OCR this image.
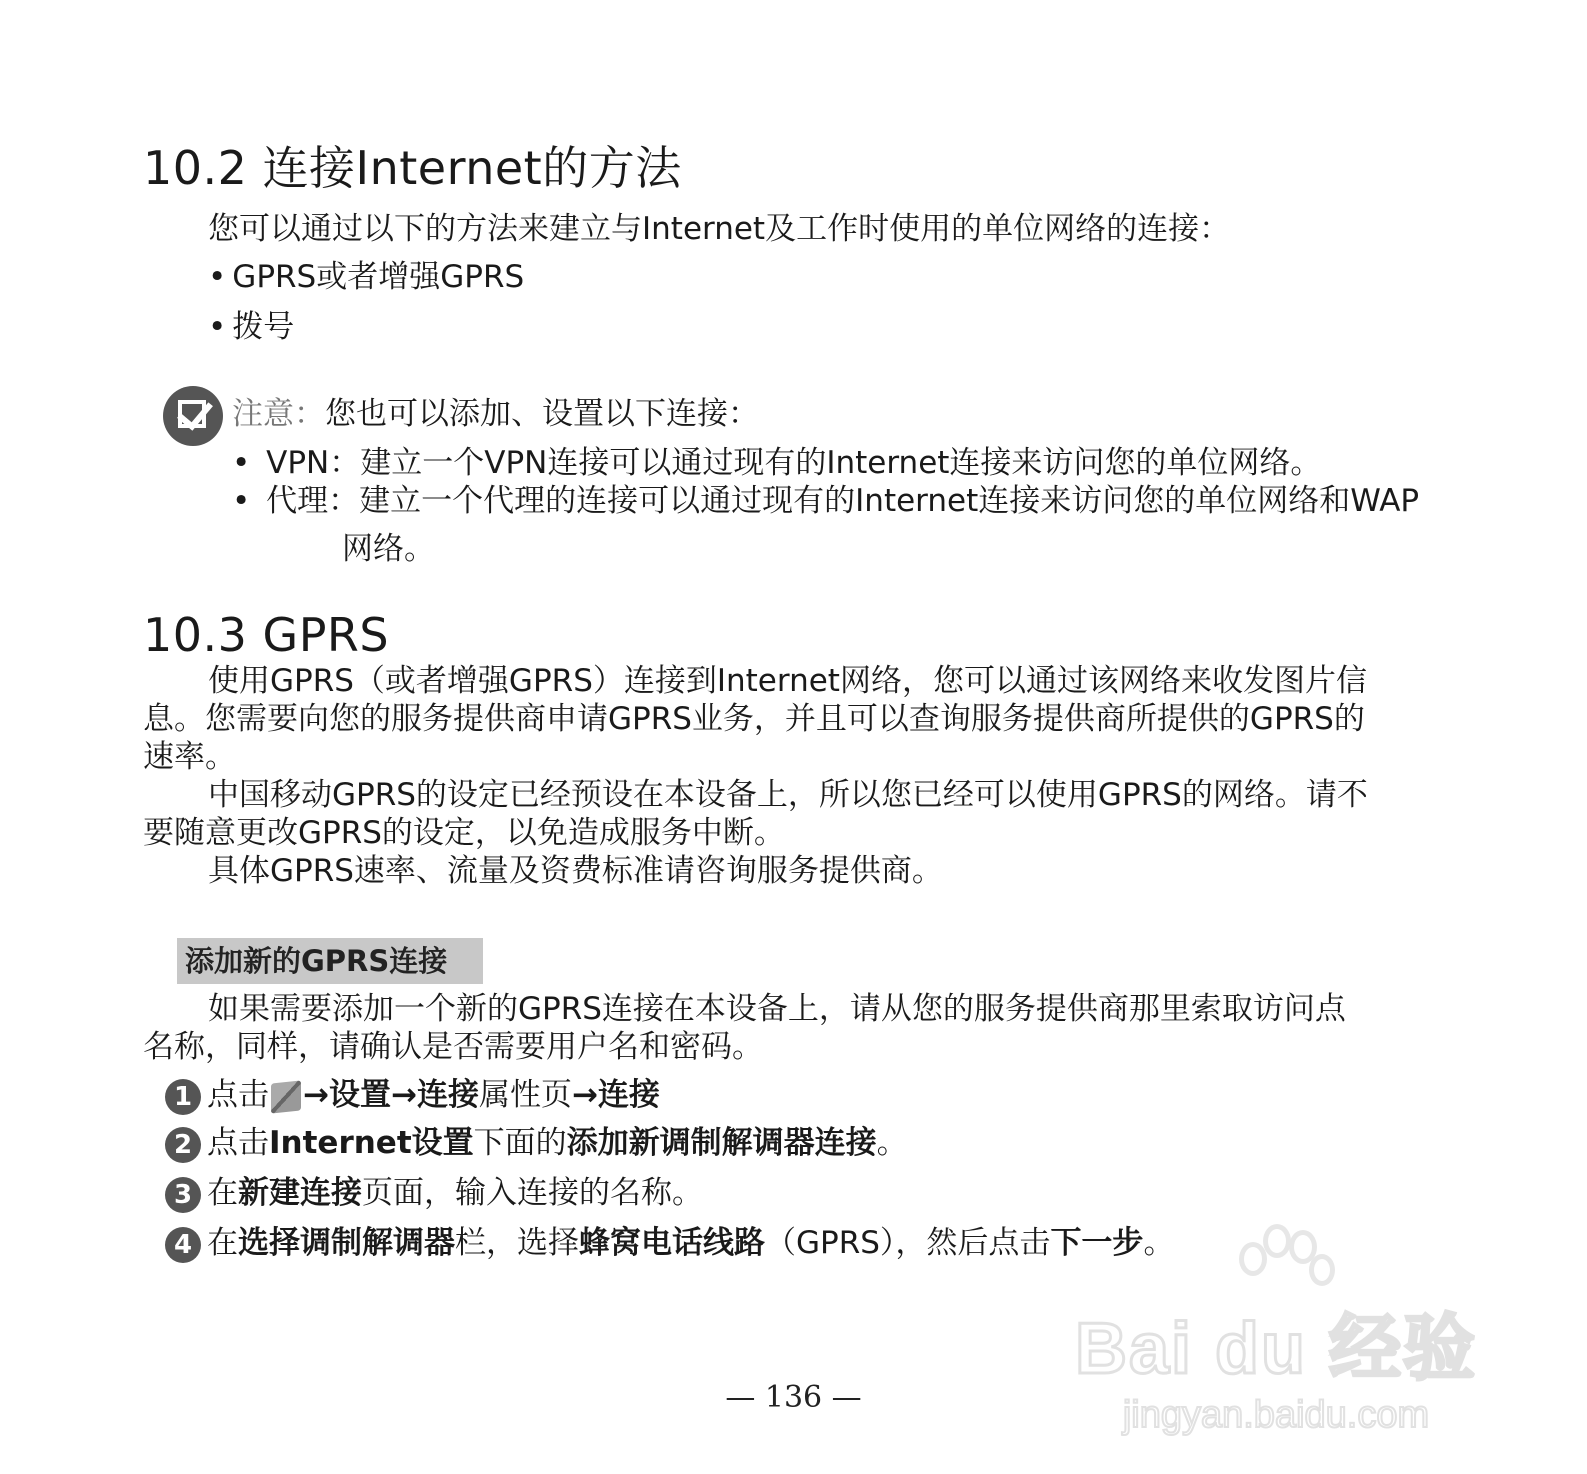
10.2 连接Internet的方法
您可以通过以下的方法来建立与Internet及工作时使用的单位网络的连接：
• GPRS或者增强GPRS
• 拨号
注意：您也可以添加、设置以下连接：
• VPN：建立一个VPN连接可以通过现有的Internet连接来访问您的单位网络。
• 代理：建立一个代理的连接可以通过现有的Internet连接来访问您的单位网络和WAP
网络。
10.3 GPRS
使用GPRS（或者增强GPRS）连接到Internet网络，您可以通过该网络来收发图片信
息。您需要向您的服务提供商申请GPRS业务，并且可以查询服务提供商所提供的GPRS的
速率。
中国移动GPRS的设定已经预设在本设备上，所以您已经可以使用GPRS的网络。请不
要随意更改GPRS的设定，以免造成服务中断。
具体GPRS速率、流量及资费标准请咨询服务提供商。
添加新的GPRS连接
如果需要添加一个新的GPRS连接在本设备上，请从您的服务提供商那里索取访问点
名称，同样，请确认是否需要用户名和密码。
1 点击 →设置→连接属性页→连接
2 点击Internet设置下面的添加新调制解调器连接。
3 在新建连接页面，输入连接的名称。
4 在选择调制解调器栏，选择蜂窝电话线路（GPRS），然后点击下一步。
Bai du 经验
jingyan.baidu.com
— 136 —
